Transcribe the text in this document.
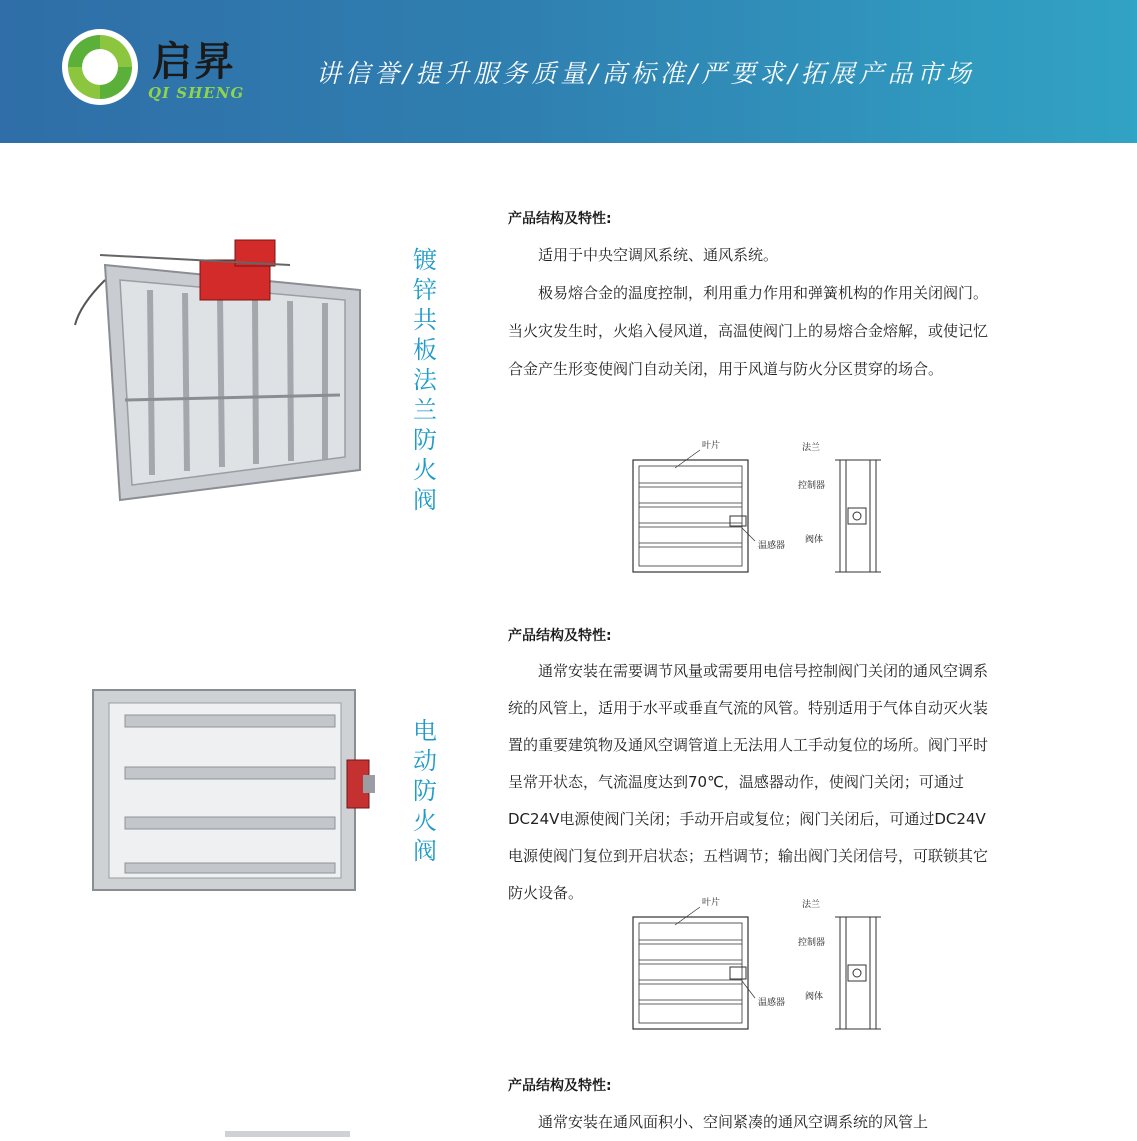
启昇
QI SHENG
讲信誉/提升服务质量/高标准/严要求/拓展产品市场
镀锌共板法兰防火阀
产品结构及特性:
适用于中央空调风系统、通风系统。
极易熔合金的温度控制，利用重力作用和弹簧机构的作用关闭阀门。当火灾发生时，火焰入侵风道，高温使阀门上的易熔合金熔解，或使记忆合金产生形变使阀门自动关闭，用于风道与防火分区贯穿的场合。
叶片
温感器
法兰
控制器
阀体
电动防火阀
产品结构及特性:
通常安装在需要调节风量或需要用电信号控制阀门关闭的通风空调系统的风管上，适用于水平或垂直气流的风管。特别适用于气体自动灭火装置的重要建筑物及通风空调管道上无法用人工手动复位的场所。阀门平时呈常开状态，气流温度达到70℃，温感器动作，使阀门关闭；可通过DC24V电源使阀门关闭；手动开启或复位；阀门关闭后，可通过DC24V电源使阀门复位到开启状态；五档调节；输出阀门关闭信号，可联锁其它防火设备。
叶片
温感器
法兰
控制器
阀体
产品结构及特性:
通常安装在通风面积小、空间紧凑的通风空调系统的风管上
